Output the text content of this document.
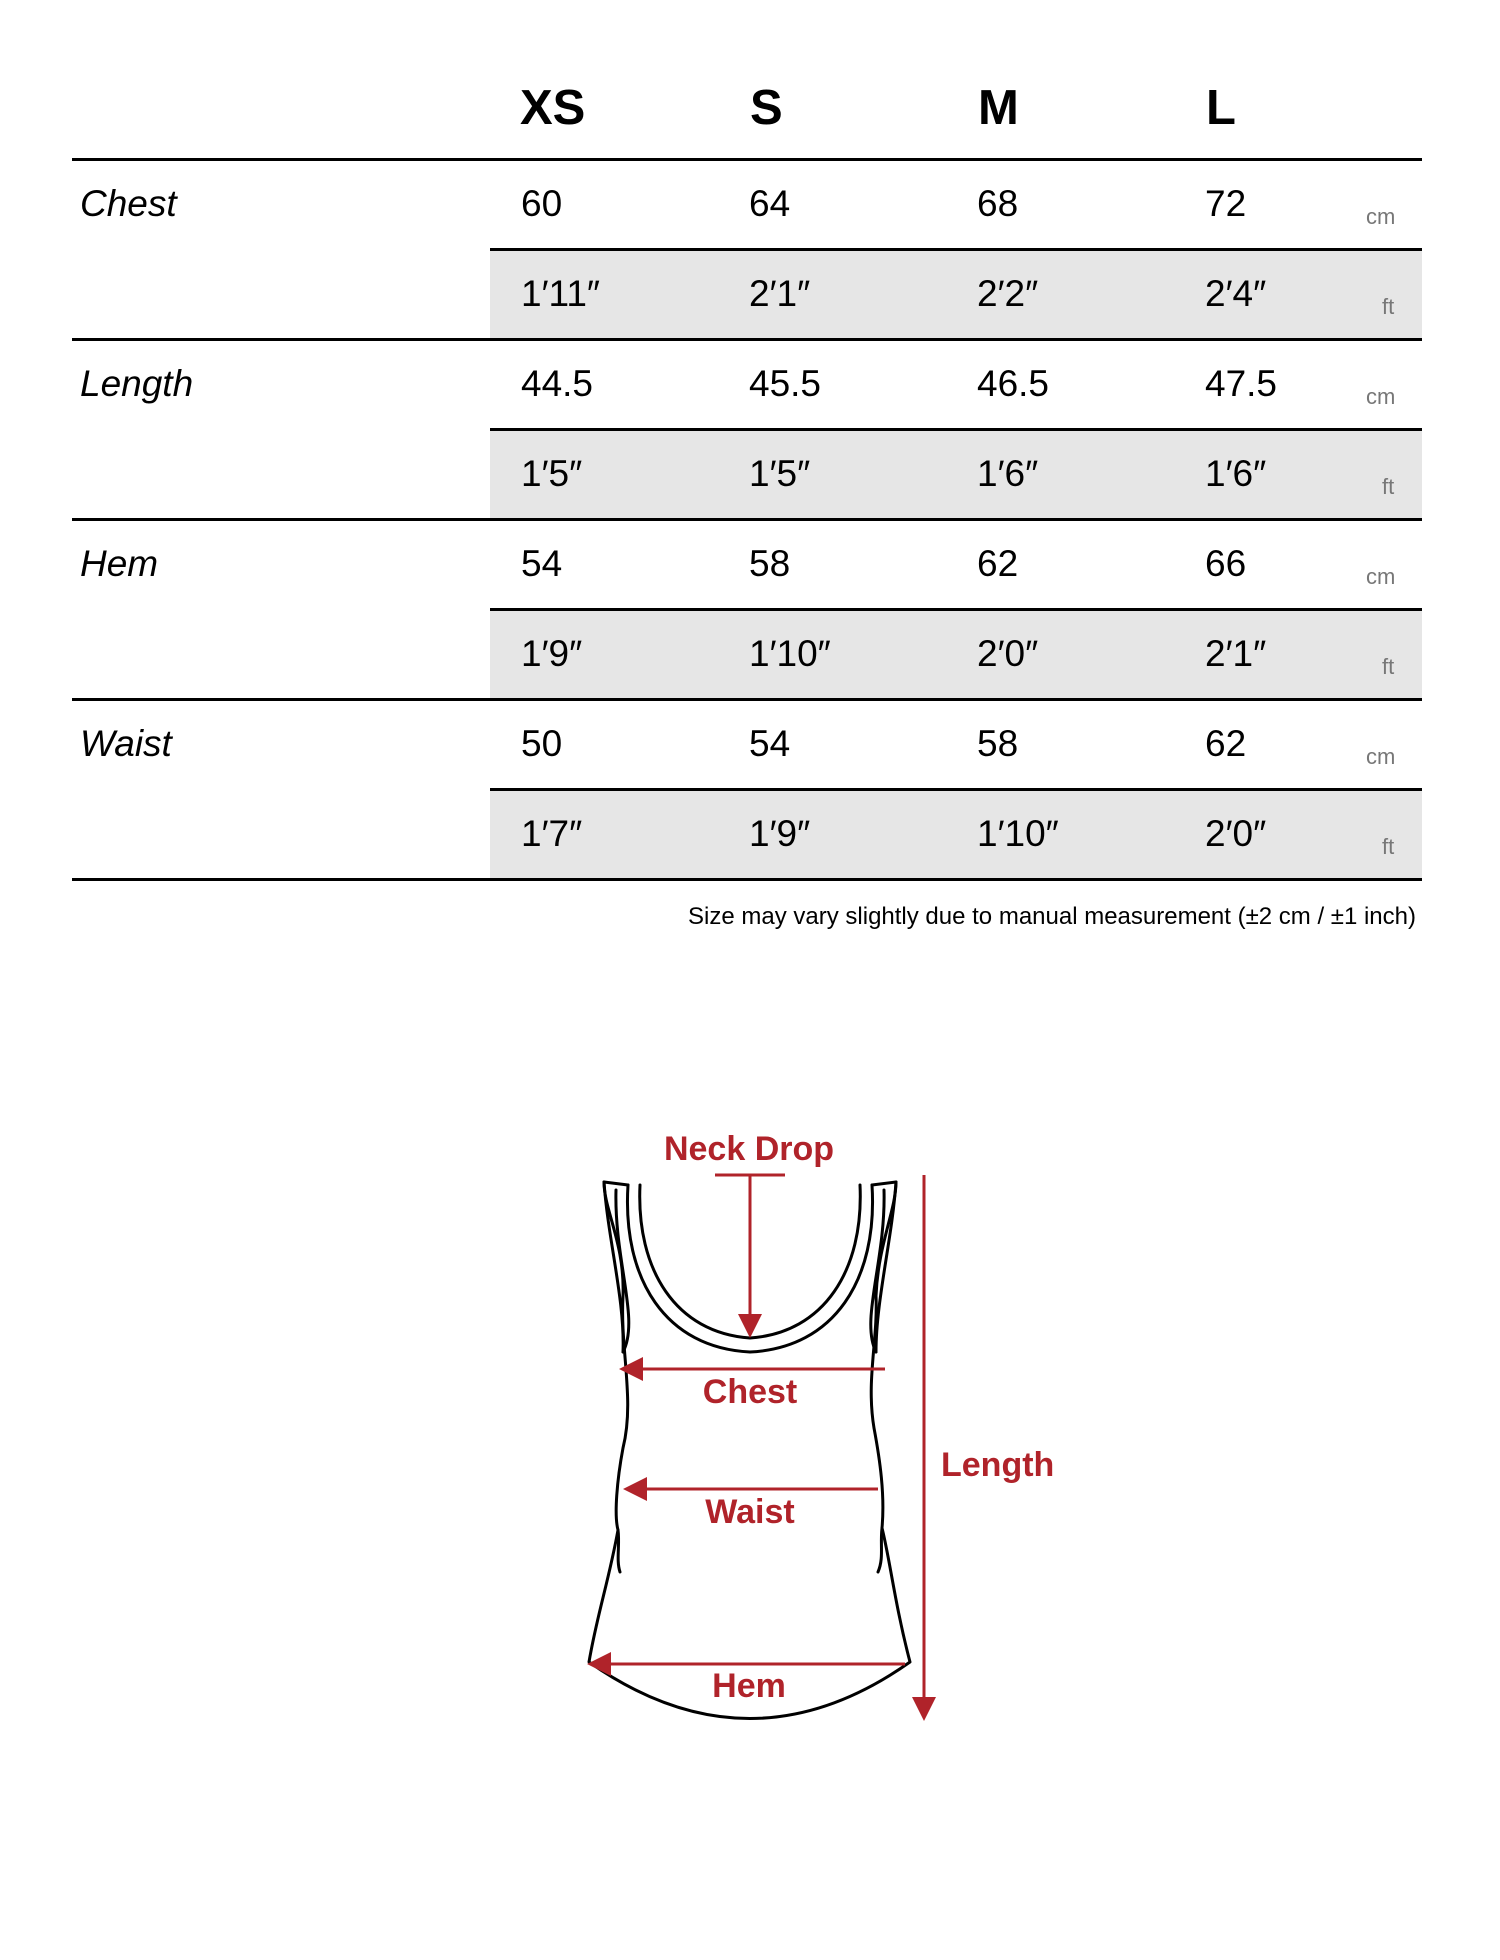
XS	S	M	L
Chest	60	64	68	72	cm
1′11″	2′1″	2′2″	2′4″	ft
Length	44.5	45.5	46.5	47.5	cm
1′5″	1′5″	1′6″	1′6″	ft
Hem	54	58	62	66	cm
1′9″	1′10″	2′0″	2′1″	ft
Waist	50	54	58	62	cm
1′7″	1′9″	1′10″	2′0″	ft
Size may vary slightly due to manual measurement (±2 cm / ±1 inch)
Neck Drop
Chest
Waist
Hem
Length
